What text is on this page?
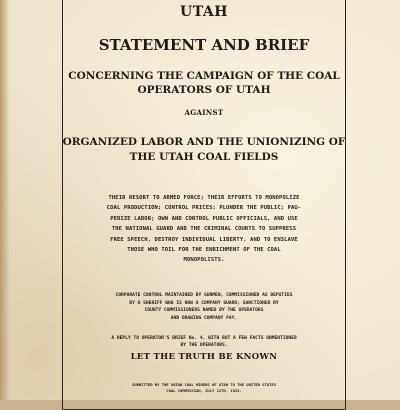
UTAH
STATEMENT AND BRIEF
CONCERNING THE CAMPAIGN OF THE COAL
OPERATORS OF UTAH
AGAINST
ORGANIZED LABOR AND THE UNIONIZING OF
THE UTAH COAL FIELDS
THEIR RESORT TO ARMED FORCE; THEIR EFFORTS TO MONOPOLIZE
COAL PRODUCTION; CONTROL PRICES; PLUNDER THE PUBLIC; PAU-
PERIZE LABOR; OWN AND CONTROL PUBLIC OFFICIALS, AND USE
THE NATIONAL GUARD AND THE CRIMINAL COURTS TO SUPPRESS
FREE SPEECH, DESTROY INDIVIDUAL LIBERTY, AND TO ENSLAVE
THOSE WHO TOIL FOR THE ENRICHMENT OF THE COAL
MONOPOLISTS.
CORPORATE CONTROL MAINTAINED BY GUNMEN, COMMISSIONED AS DEPUTIES
BY A SHERIFF WHO IS NOW A COMPANY GUARD; SANCTIONED BY
COUNTY COMMISSIONERS NAMED BY THE OPERATORS
AND DRAWING COMPANY PAY.
A REPLY TO OPERATOR'S BRIEF No. 4, WITH BUT A FEW FACTS UNMENTIONED
BY THE OPERATORS.
LET THE TRUTH BE KNOWN
SUBMITTED BY THE UNION COAL MINERS OF UTAH TO THE UNITED STATES
COAL COMMISSION, JULY 12TH, 1923.
